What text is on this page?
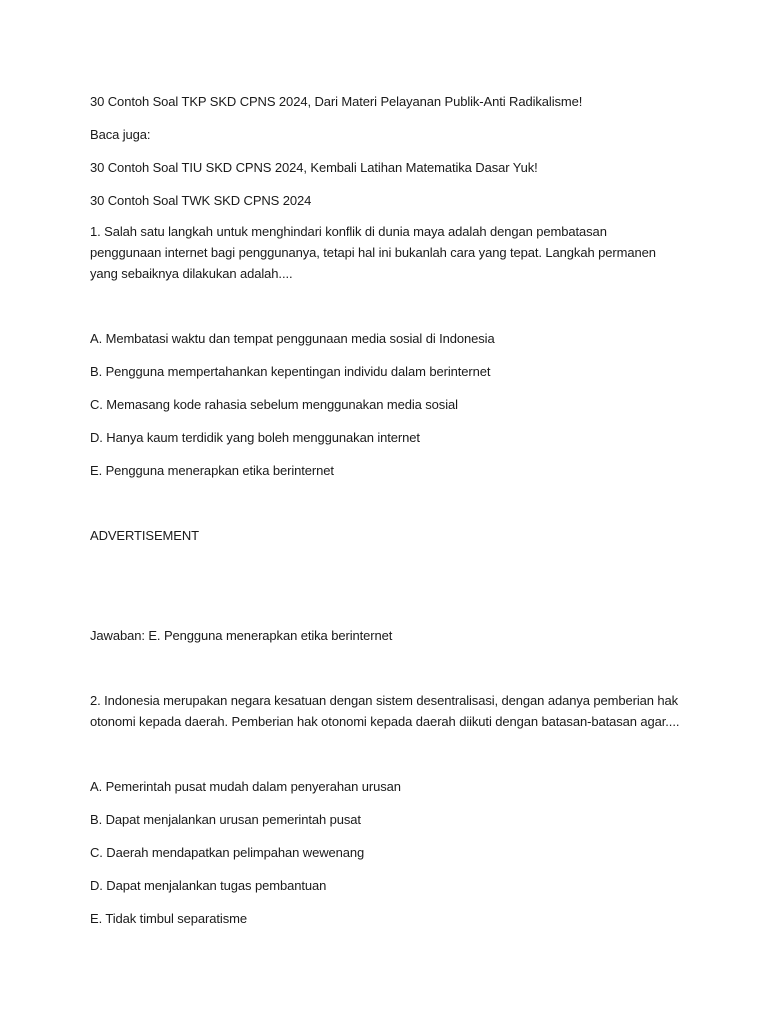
30 Contoh Soal TKP SKD CPNS 2024, Dari Materi Pelayanan Publik-Anti Radikalisme!

Baca juga:

30 Contoh Soal TIU SKD CPNS 2024, Kembali Latihan Matematika Dasar Yuk!

30 Contoh Soal TWK SKD CPNS 2024

1. Salah satu langkah untuk menghindari konflik di dunia maya adalah dengan pembatasan penggunaan internet bagi penggunanya, tetapi hal ini bukanlah cara yang tepat. Langkah permanen yang sebaiknya dilakukan adalah....

A. Membatasi waktu dan tempat penggunaan media sosial di Indonesia

B. Pengguna mempertahankan kepentingan individu dalam berinternet

C. Memasang kode rahasia sebelum menggunakan media sosial

D. Hanya kaum terdidik yang boleh menggunakan internet

E. Pengguna menerapkan etika berinternet

ADVERTISEMENT

Jawaban: E. Pengguna menerapkan etika berinternet

2. Indonesia merupakan negara kesatuan dengan sistem desentralisasi, dengan adanya pemberian hak otonomi kepada daerah. Pemberian hak otonomi kepada daerah diikuti dengan batasan-batasan agar....

A. Pemerintah pusat mudah dalam penyerahan urusan

B. Dapat menjalankan urusan pemerintah pusat

C. Daerah mendapatkan pelimpahan wewenang

D. Dapat menjalankan tugas pembantuan

E. Tidak timbul separatisme
